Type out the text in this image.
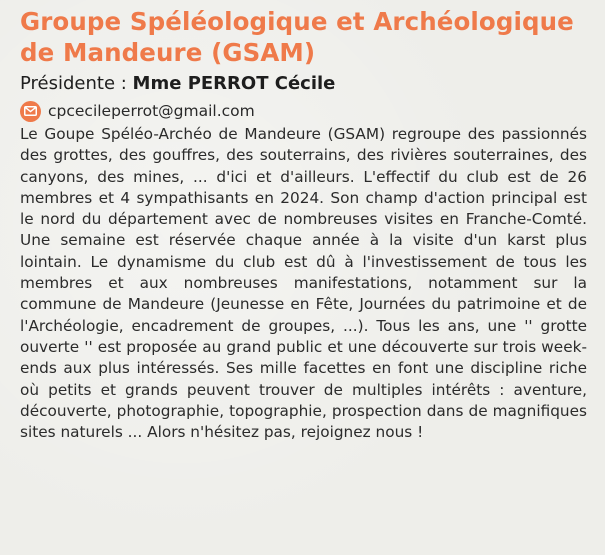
Groupe Spéléologique et Archéologique
de Mandeure (GSAM)
Présidente : Mme PERROT Cécile
cpcecileperrot@gmail.com
Le Goupe Spéléo-Archéo de Mandeure (GSAM) regroupe des passionnés des grottes, des gouffres, des souterrains, des rivières souterraines, des canyons, des mines, ... d'ici et d'ailleurs. L'effectif du club est de 26 membres et 4 sympathisants en 2024. Son champ d'action principal est le nord du département avec de nombreuses visites en Franche-Comté. Une semaine est réservée chaque année à la visite d'un karst plus lointain. Le dynamisme du club est dû à l'investissement de tous les membres et aux nombreuses manifestations, notamment sur la commune de Mandeure (Jeunesse en Fête, Journées du patrimoine et de l'Archéologie, encadrement de groupes, ...). Tous les ans, une '' grotte ouverte '' est proposée au grand public et une découverte sur trois week-ends aux plus intéressés. Ses mille facettes en font une discipline riche où petits et grands peuvent trouver de multiples intérêts : aventure, découverte, photographie, topographie, prospection dans de magnifiques sites naturels ... Alors n'hésitez pas, rejoignez nous !
